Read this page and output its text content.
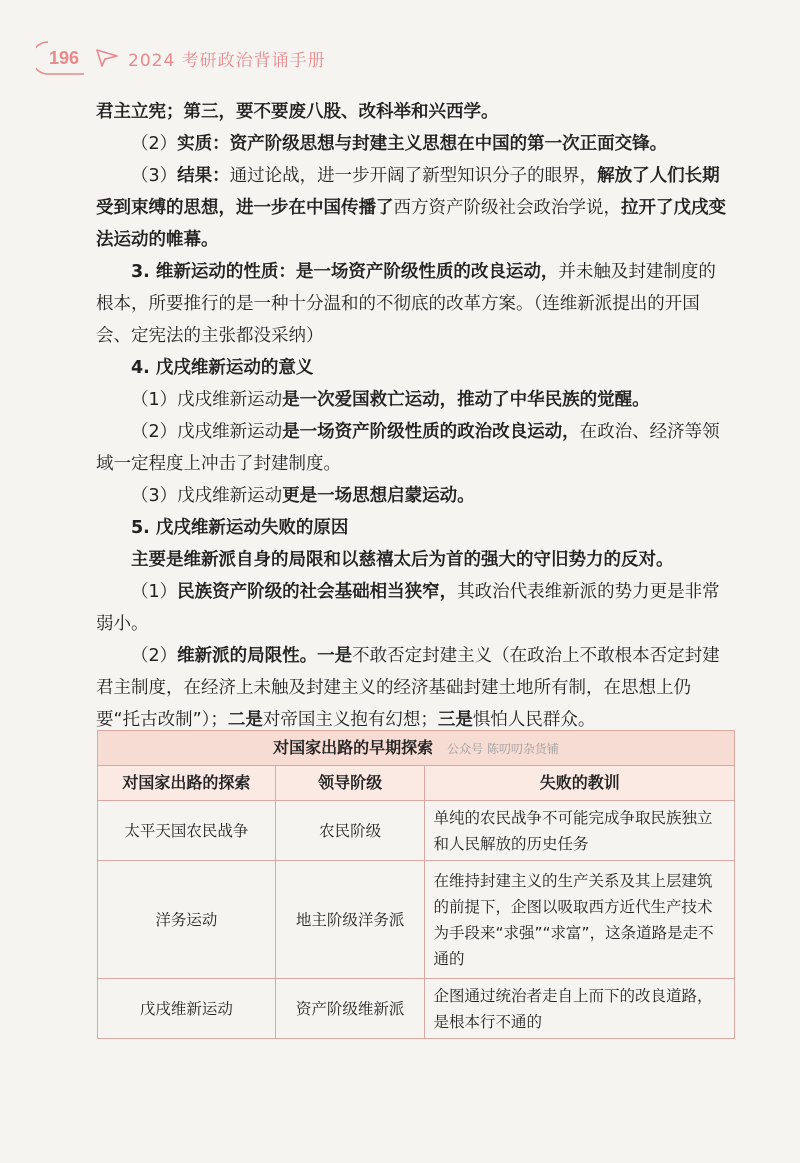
196	2024 考研政治背诵手册

君主立宪；第三，要不要废八股、改科举和兴西学。

（2）实质：资产阶级思想与封建主义思想在中国的第一次正面交锋。

（3）结果：通过论战，进一步开阔了新型知识分子的眼界，解放了人们长期受到束缚的思想，进一步在中国传播了西方资产阶级社会政治学说，拉开了戊戌变法运动的帷幕。

3. 维新运动的性质：是一场资产阶级性质的改良运动，并未触及封建制度的根本，所要推行的是一种十分温和的不彻底的改革方案。（连维新派提出的开国会、定宪法的主张都没采纳）

4. 戊戌维新运动的意义

（1）戊戌维新运动是一次爱国救亡运动，推动了中华民族的觉醒。

（2）戊戌维新运动是一场资产阶级性质的政治改良运动，在政治、经济等领域一定程度上冲击了封建制度。

（3）戊戌维新运动更是一场思想启蒙运动。

5. 戊戌维新运动失败的原因

主要是维新派自身的局限和以慈禧太后为首的强大的守旧势力的反对。

（1）民族资产阶级的社会基础相当狭窄，其政治代表维新派的势力更是非常弱小。

（2）维新派的局限性。一是不敢否定封建主义（在政治上不敢根本否定封建君主制度，在经济上未触及封建主义的经济基础封建土地所有制，在思想上仍要“托古改制”）；二是对帝国主义抱有幻想；三是惧怕人民群众。

对国家出路的早期探索 公众号 陈叨叨杂货铺		
对国家出路的探索	领导阶级	失败的教训
太平天国农民战争	农民阶级	单纯的农民战争不可能完成争取民族独立和人民解放的历史任务
洋务运动	地主阶级洋务派	在维持封建主义的生产关系及其上层建筑的前提下，企图以吸取西方近代生产技术为手段来“求强”“求富”，这条道路是走不通的
戊戌维新运动	资产阶级维新派	企图通过统治者走自上而下的改良道路，是根本行不通的
